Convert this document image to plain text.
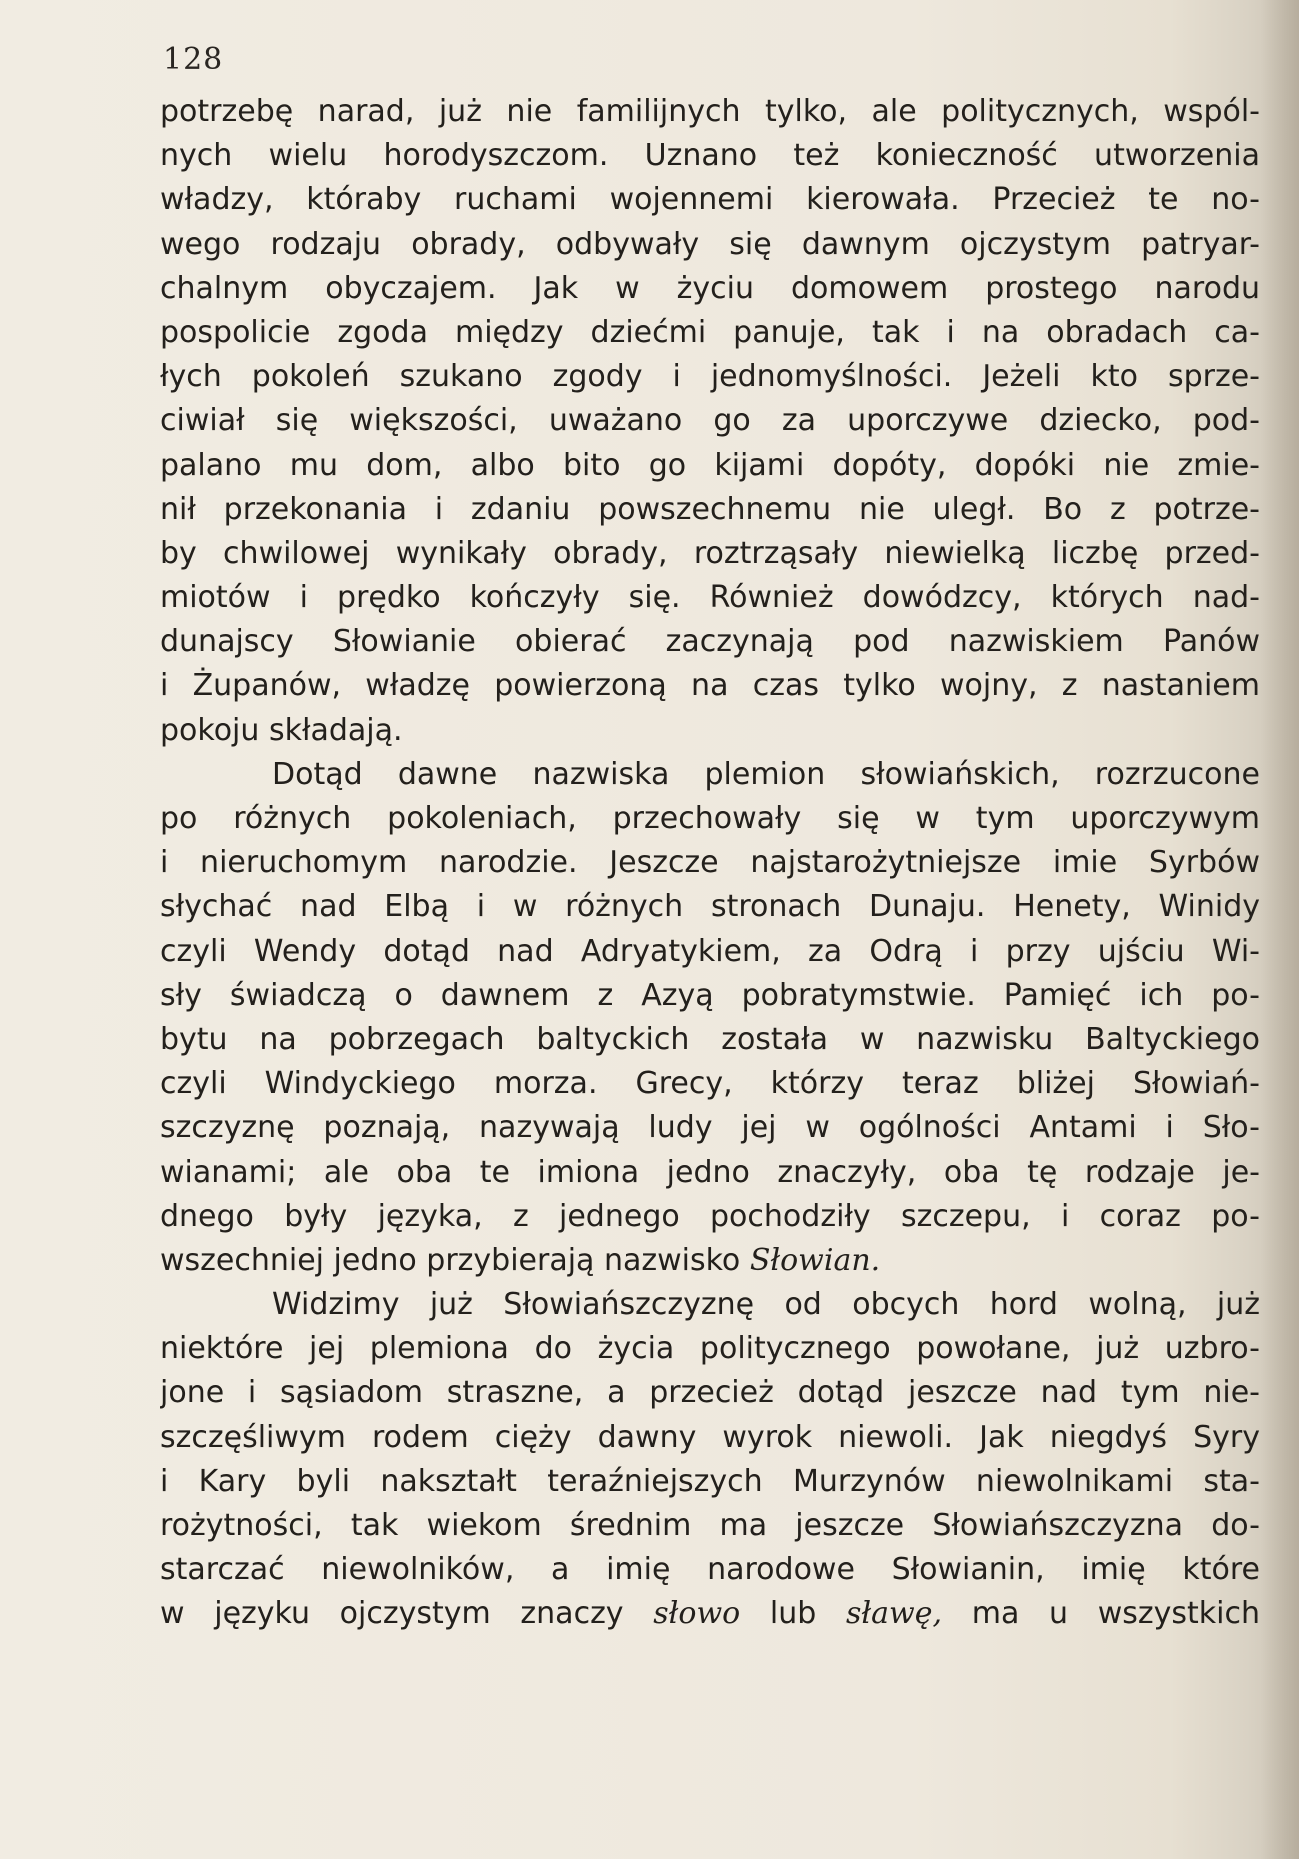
128
potrzebę narad, już nie familijnych tylko, ale politycznych, wspól-
nych wielu horodyszczom. Uznano też konieczność utworzenia
władzy, któraby ruchami wojennemi kierowała. Przecież te no-
wego rodzaju obrady, odbywały się dawnym ojczystym patryar-
chalnym obyczajem. Jak w życiu domowem prostego narodu
pospolicie zgoda między dziećmi panuje, tak i na obradach ca-
łych pokoleń szukano zgody i jednomyślności. Jeżeli kto sprze-
ciwiał się większości, uważano go za uporczywe dziecko, pod-
palano mu dom, albo bito go kijami dopóty, dopóki nie zmie-
nił przekonania i zdaniu powszechnemu nie uległ. Bo z potrze-
by chwilowej wynikały obrady, roztrząsały niewielką liczbę przed-
miotów i prędko kończyły się. Również dowódzcy, których nad-
dunajscy Słowianie obierać zaczynają pod nazwiskiem Panów
i Żupanów, władzę powierzoną na czas tylko wojny, z nastaniem
pokoju składają.
Dotąd dawne nazwiska plemion słowiańskich, rozrzucone
po różnych pokoleniach, przechowały się w tym uporczywym
i nieruchomym narodzie. Jeszcze najstarożytniejsze imie Syrbów
słychać nad Elbą i w różnych stronach Dunaju. Henety, Winidy
czyli Wendy dotąd nad Adryatykiem, za Odrą i przy ujściu Wi-
sły świadczą o dawnem z Azyą pobratymstwie. Pamięć ich po-
bytu na pobrzegach baltyckich została w nazwisku Baltyckiego
czyli Windyckiego morza. Grecy, którzy teraz bliżej Słowiań-
szczyznę poznają, nazywają ludy jej w ogólności Antami i Sło-
wianami; ale oba te imiona jedno znaczyły, oba tę rodzaje je-
dnego były języka, z jednego pochodziły szczepu, i coraz po-
wszechniej jedno przybierają nazwisko Słowian.
Widzimy już Słowiańszczyznę od obcych hord wolną, już
niektóre jej plemiona do życia politycznego powołane, już uzbro-
jone i sąsiadom straszne, a przecież dotąd jeszcze nad tym nie-
szczęśliwym rodem cięży dawny wyrok niewoli. Jak niegdyś Syry
i Kary byli nakształt teraźniejszych Murzynów niewolnikami sta-
rożytności, tak wiekom średnim ma jeszcze Słowiańszczyzna do-
starczać niewolników, a imię narodowe Słowianin, imię które
w języku ojczystym znaczy słowo lub sławę, ma u wszystkich
